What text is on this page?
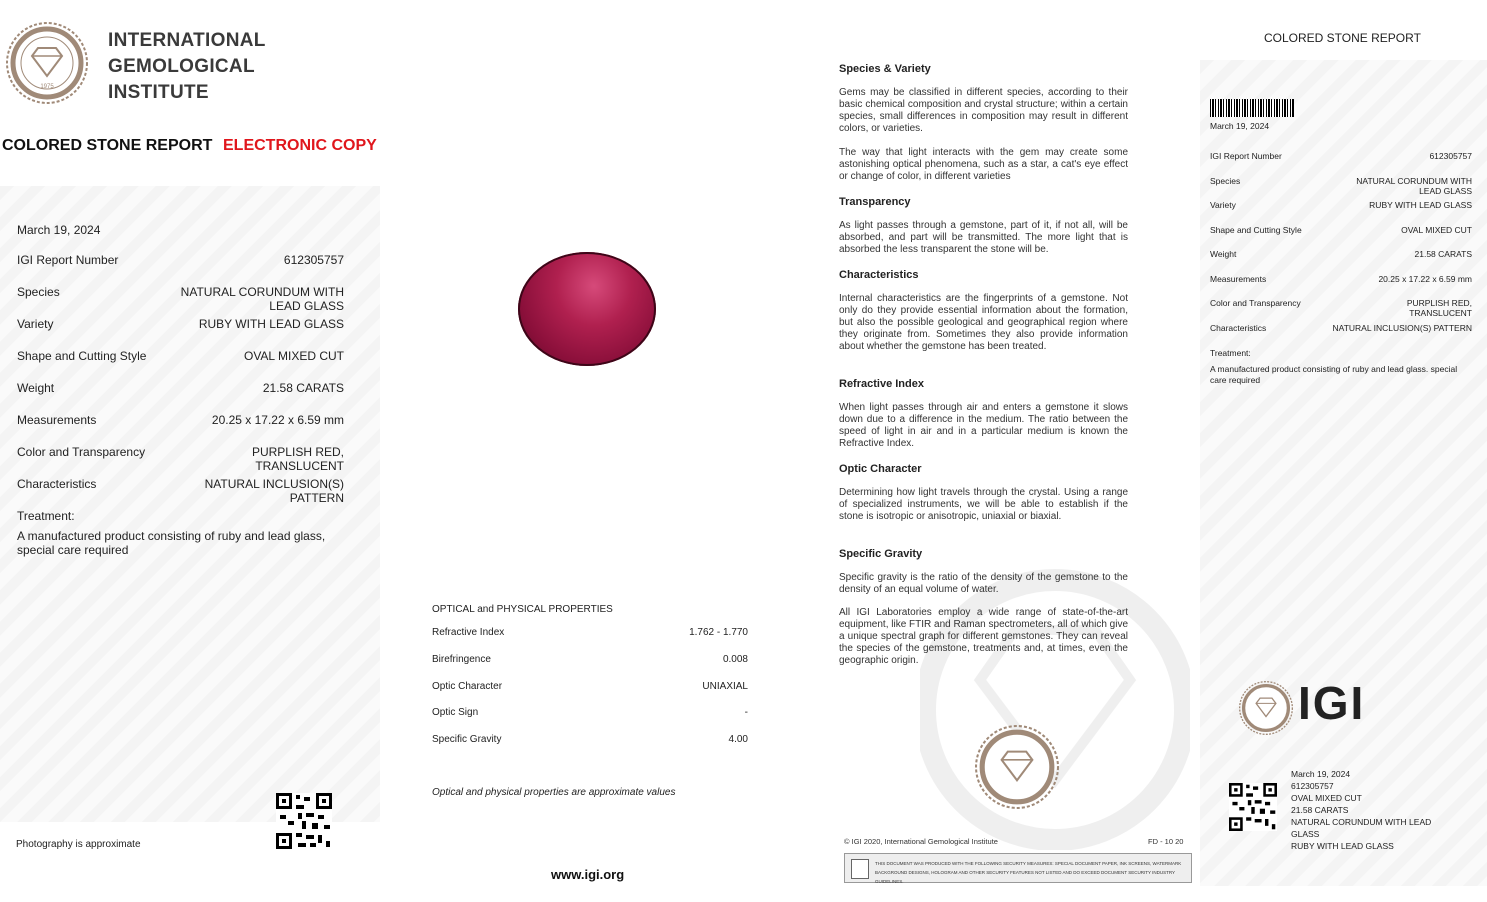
1975
INTERNATIONAL
GEMOLOGICAL
INSTITUTE
COLORED STONE REPORT ELECTRONIC COPY
March 19, 2024
IGI Report Number	612305757
Species	NATURAL CORUNDUM WITH
LEAD GLASS
Variety	RUBY WITH LEAD GLASS
Shape and Cutting Style	OVAL MIXED CUT
Weight	21.58 CARATS
Measurements	20.25 x 17.22 x 6.59 mm
Color and Transparency	PURPLISH RED,
TRANSLUCENT
Characteristics	NATURAL INCLUSION(S)
PATTERN
Treatment:
A manufactured product consisting of ruby and lead glass, special care required
Photography is approximate
OPTICAL and PHYSICAL PROPERTIES
Refractive Index	1.762 - 1.770
Birefringence	0.008
Optic Character	UNIAXIAL
Optic Sign	-
Specific Gravity	4.00
Optical and physical properties are approximate values
www.igi.org
Species & Variety
Gems may be classified in different species, according to their basic chemical composition and crystal structure; within a certain species, small differences in composition may result in different colors, or varieties.
The way that light interacts with the gem may create some astonishing optical phenomena, such as a star, a cat's eye effect or change of color, in different varieties
Transparency
As light passes through a gemstone, part of it, if not all, will be absorbed, and part will be transmitted. The more light that is absorbed the less transparent the stone will be.
Characteristics
Internal characteristics are the fingerprints of a gemstone. Not only do they provide essential information about the formation, but also the possible geological and geographical region where they originate from. Sometimes they also provide information about whether the gemstone has been treated.
Refractive Index
When light passes through air and enters a gemstone it slows down due to a difference in the medium. The ratio between the speed of light in air and in a particular medium is known the Refractive Index.
Optic Character
Determining how light travels through the crystal. Using a range of specialized instruments, we will be able to establish if the stone is isotropic or anisotropic, uniaxial or biaxial.
Specific Gravity
Specific gravity is the ratio of the density of the gemstone to the density of an equal volume of water.
All IGI Laboratories employ a wide range of state-of-the-art equipment, like FTIR and Raman spectrometers, all of which give a unique spectral graph for different gemstones. They can reveal the species of the gemstone, treatments and, at times, even the geographic origin.
© IGI 2020, International Gemological Institute	FD - 10 20
THIS DOCUMENT WAS PRODUCED WITH THE FOLLOWING SECURITY MEASURES: SPECIAL DOCUMENT PAPER, INK SCREENS, WATERMARK BACKGROUND DESIGNS, HOLOGRAM AND OTHER SECURITY FEATURES NOT LISTED AND DO EXCEED DOCUMENT SECURITY INDUSTRY GUIDELINES.
COLORED STONE REPORT
March 19, 2024
IGI Report Number	612305757
Species	NATURAL CORUNDUM WITH
LEAD GLASS
Variety	RUBY WITH LEAD GLASS
Shape and Cutting Style	OVAL MIXED CUT
Weight	21.58 CARATS
Measurements	20.25 x 17.22 x 6.59 mm
Color and Transparency	PURPLISH RED,
TRANSLUCENT
Characteristics	NATURAL INCLUSION(S) PATTERN
Treatment:
A manufactured product consisting of ruby and lead glass. special care required
IGI
March 19, 2024
612305757
OVAL MIXED CUT
21.58 CARATS
NATURAL CORUNDUM WITH LEAD GLASS
RUBY WITH LEAD GLASS
